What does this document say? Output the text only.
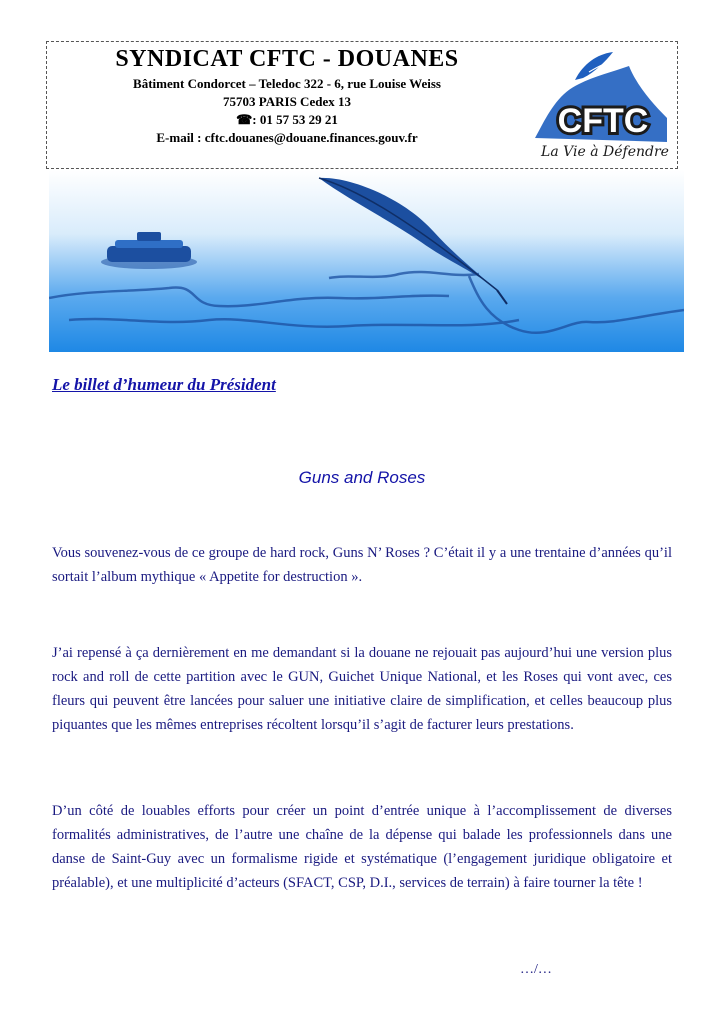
SYNDICAT CFTC - DOUANES
Bâtiment Condorcet – Teledoc 322 - 6, rue Louise Weiss
75703 PARIS Cedex 13
☎: 01 57 53 29 21
E-mail : cftc.douanes@douane.finances.gouv.fr	CFTC
La Vie à Défendre
Le billet d’humeur du Président
Guns and Roses

Vous souvenez-vous de ce groupe de hard rock, Guns N’ Roses ? C’était il y a une trentaine d’années qu’il sortait l’album mythique « Appetite for destruction ».

J’ai repensé à ça dernièrement en me demandant si la douane ne rejouait pas aujourd’hui une version plus rock and roll de cette partition avec le GUN, Guichet Unique National, et les Roses qui vont avec, ces fleurs qui peuvent être lancées pour saluer une initiative claire de simplification, et celles beaucoup plus piquantes que les mêmes entreprises récoltent lorsqu’il s’agit de facturer leurs prestations.

D’un côté de louables efforts pour créer un point d’entrée unique à l’accomplissement de diverses formalités administratives, de l’autre une chaîne de la dépense qui balade les professionnels dans une danse de Saint-Guy avec un formalisme rigide et systématique (l’engagement juridique obligatoire et préalable), et une multiplicité d’acteurs (SFACT, CSP, D.I., services de terrain) à faire tourner la tête !

…/…
